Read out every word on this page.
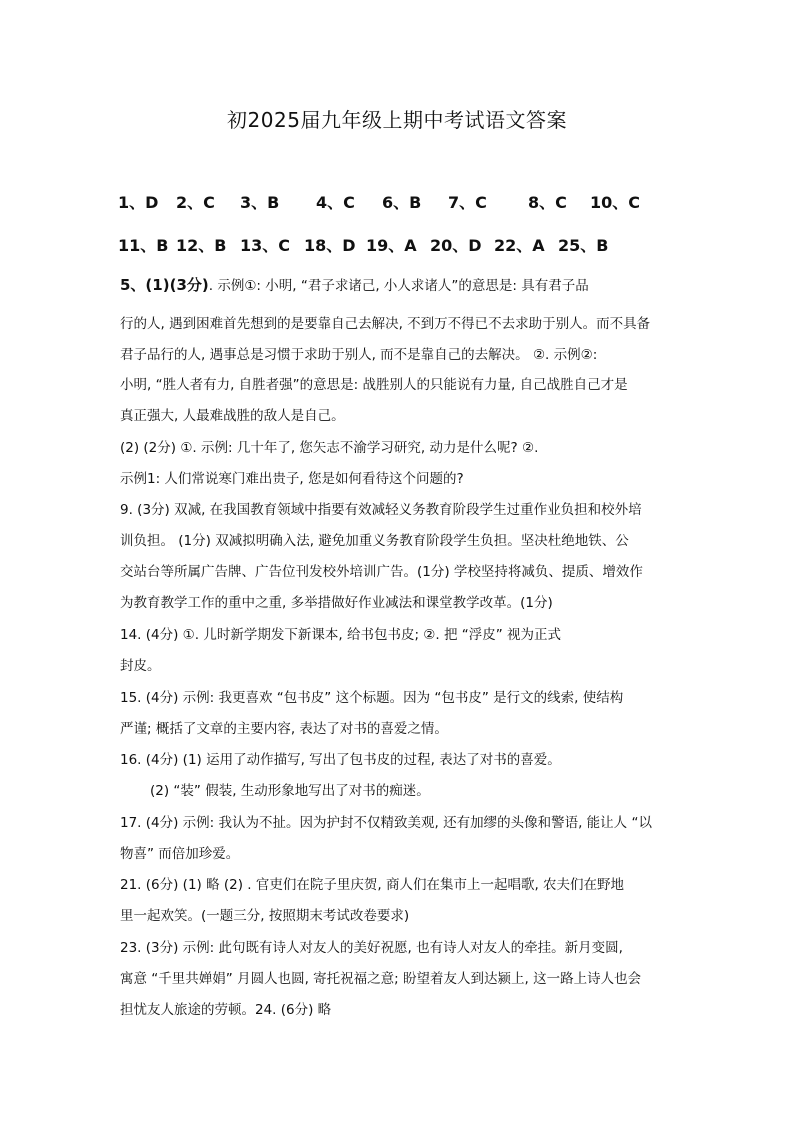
初2025届九年级上期中考试语文答案
1、D 2、C 3、B 4、C 6、B 7、C	8、C 10、C
11、B 12、B 13、C 18、D 19、A 20、D 22、A 25、B
5、(1)(3分). 示例①: 小明, “君子求诸己, 小人求诸人”的意思是: 具有君子品
行的人, 遇到困难首先想到的是要靠自己去解决, 不到万不得已不去求助于别人。而不具备
君子品行的人, 遇事总是习惯于求助于别人, 而不是靠自己的去解决。 ②. 示例②:
小明, “胜人者有力, 自胜者强”的意思是: 战胜别人的只能说有力量, 自己战胜自己才是
真正强大, 人最难战胜的敌人是自己。
(2) (2分) ①. 示例: 几十年了, 您矢志不渝学习研究, 动力是什么呢? ②.
示例1: 人们常说寒门难出贵子, 您是如何看待这个问题的?
9. (3分) 双减, 在我国教育领域中指要有效减轻义务教育阶段学生过重作业负担和校外培
训负担。 (1分) 双减拟明确入法, 避免加重义务教育阶段学生负担。坚决杜绝地铁、公
交站台等所属广告牌、广告位刊发校外培训广告。(1分) 学校坚持将减负、提质、增效作
为教育教学工作的重中之重, 多举措做好作业减法和课堂教学改革。(1分)
14. (4分) ①. 儿时新学期发下新课本, 给书包书皮; ②. 把 “浮皮” 视为正式
封皮。
15. (4分) 示例: 我更喜欢 “包书皮” 这个标题。因为 “包书皮” 是行文的线索, 使结构
严谨; 概括了文章的主要内容, 表达了对书的喜爱之情。
16. (4分) (1) 运用了动作描写, 写出了包书皮的过程, 表达了对书的喜爱。
(2) “装” 假装, 生动形象地写出了对书的痴迷。
17. (4分) 示例: 我认为不扯。因为护封不仅精致美观, 还有加缪的头像和警语, 能让人 “以
物喜” 而倍加珍爱。
21. (6分) (1) 略 (2) . 官吏们在院子里庆贺, 商人们在集市上一起唱歌, 农夫们在野地
里一起欢笑。(一题三分, 按照期末考试改卷要求)
23. (3分) 示例: 此句既有诗人对友人的美好祝愿, 也有诗人对友人的牵挂。新月变圆,
寓意 “千里共婵娟” 月圆人也圆, 寄托祝福之意; 盼望着友人到达颍上, 这一路上诗人也会
担忧友人旅途的劳顿。24. (6分) 略
